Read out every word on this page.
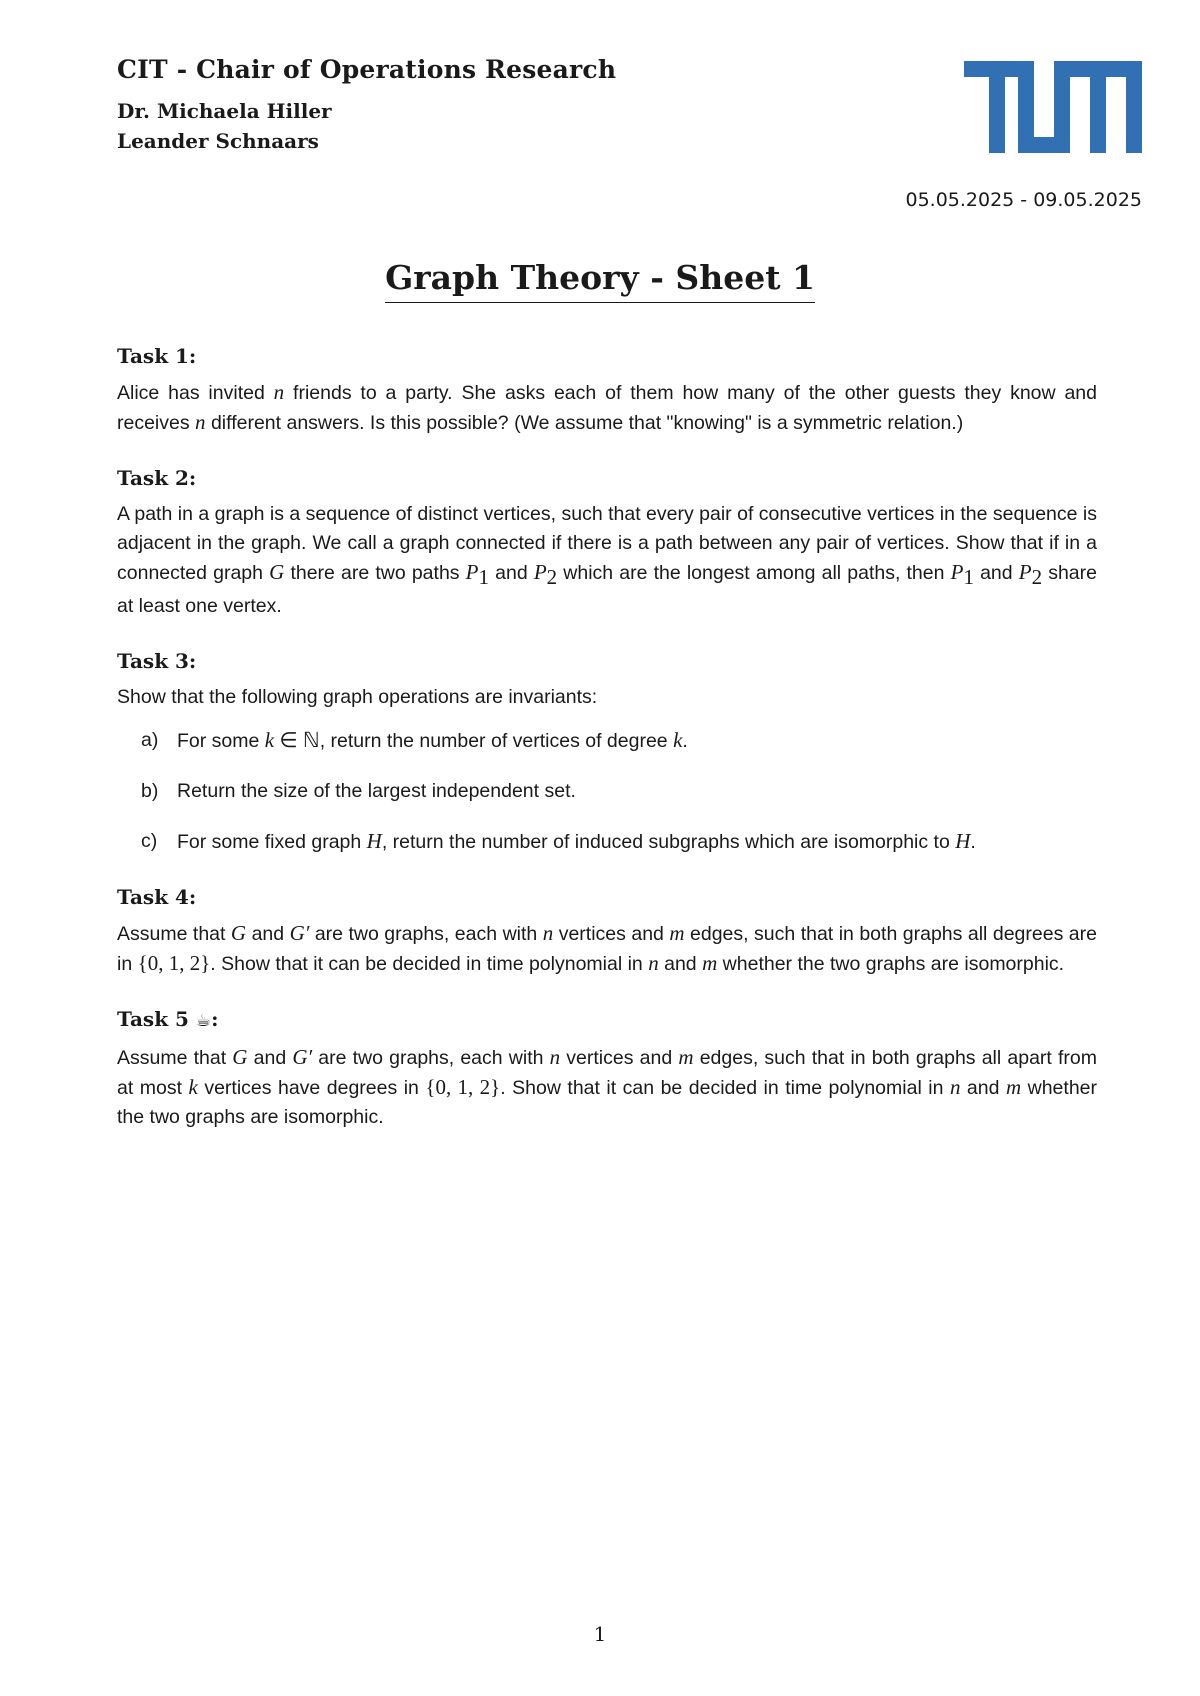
CIT - Chair of Operations Research

Dr. Michaela Hiller

Leander Schnaars

05.05.2025 - 09.05.2025
Graph Theory - Sheet 1

Task 1:

Alice has invited n friends to a party. She asks each of them how many of the other guests they know and receives n different answers. Is this possible? (We assume that "knowing" is a symmetric relation.)

Task 2:

A path in a graph is a sequence of distinct vertices, such that every pair of consecutive vertices in the sequence is adjacent in the graph. We call a graph connected if there is a path between any pair of vertices. Show that if in a connected graph G there are two paths $P_1$ and $P_2$ which are the longest among all paths, then $P_1$ and $P_2$ share at least one vertex.

Task 3:

Show that the following graph operations are invariants:

a) For some k ∈ ℕ, return the number of vertices of degree k.
b) Return the size of the largest independent set.
c) For some fixed graph H, return the number of induced subgraphs which are isomorphic to H.

Task 4:

Assume that G and G′ are two graphs, each with n vertices and m edges, such that in both graphs all degrees are in {0, 1, 2}. Show that it can be decided in time polynomial in n and m whether the two graphs are isomorphic.

Task 5 ☕:

Assume that G and G′ are two graphs, each with n vertices and m edges, such that in both graphs all apart from at most k vertices have degrees in {0, 1, 2}. Show that it can be decided in time polynomial in n and m whether the two graphs are isomorphic.

1
